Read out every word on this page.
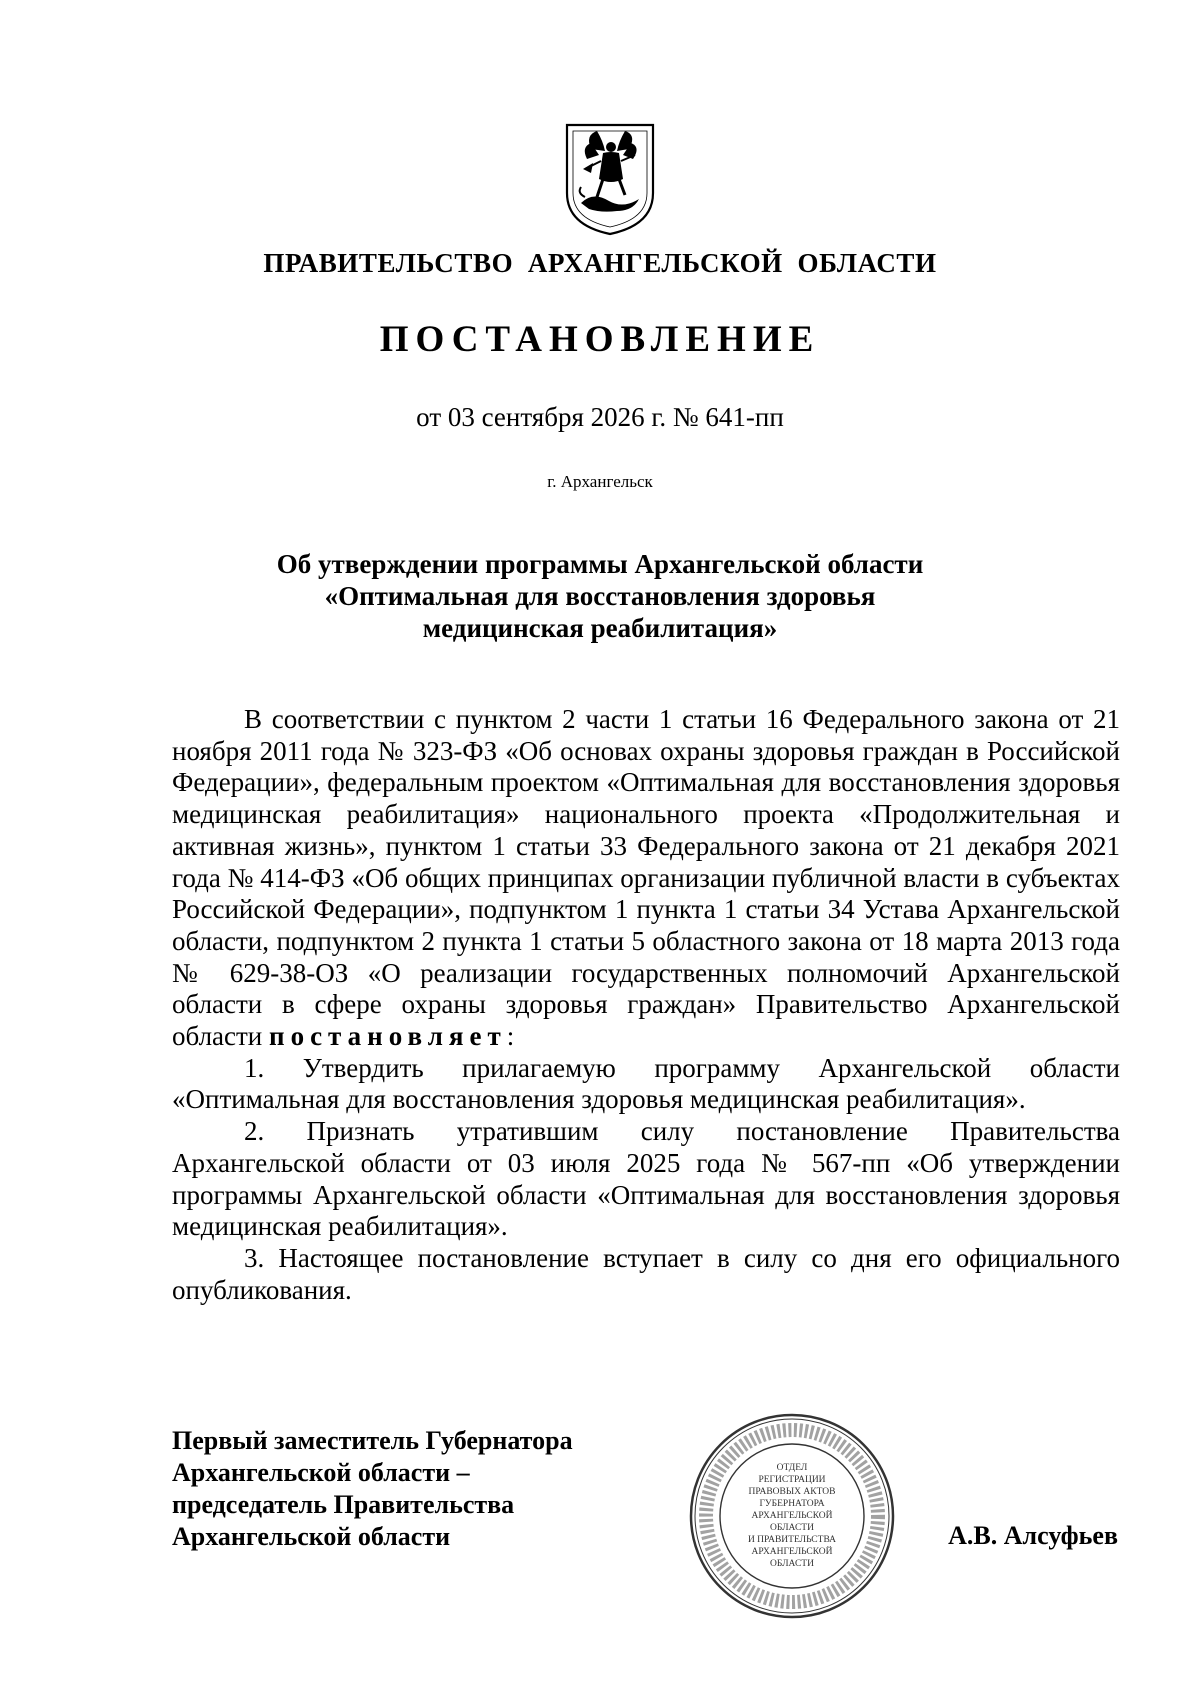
ПРАВИТЕЛЬСТВО  АРХАНГЕЛЬСКОЙ  ОБЛАСТИ
ПОСТАНОВЛЕНИЕ
от 03 сентября 2026 г. № 641-пп
г. Архангельск
Об утверждении программы Архангельской области
«Оптимальная для восстановления здоровья
медицинская реабилитация»

В соответствии с пунктом 2 части 1 статьи 16 Федерального закона от 21 ноября 2011 года № 323-ФЗ «Об основах охраны здоровья граждан в Российской Федерации», федеральным проектом «Оптимальная для восстановления здоровья медицинская реабилитация» национального проекта «Продолжительная и активная жизнь», пунктом 1 статьи 33 Федерального закона от 21 декабря 2021 года № 414-ФЗ «Об общих принципах организации публичной власти в субъектах Российской Федерации», подпунктом 1 пункта 1 статьи 34 Устава Архангельской области, подпунктом 2 пункта 1 статьи 5 областного закона от 18 марта 2013 года № 629-38-ОЗ «О реализации государственных полномочий Архангельской области в сфере охраны здоровья граждан» Правительство Архангельской области постановляет:

1. Утвердить прилагаемую программу Архангельской области «Оптимальная для восстановления здоровья медицинская реабилитация».

2. Признать утратившим силу постановление Правительства Архангельской области от 03 июля 2025 года № 567-пп «Об утверждении программы Архангельской области «Оптимальная для восстановления здоровья медицинская реабилитация».

3. Настоящее постановление вступает в силу со дня его официального опубликования.

Первый заместитель Губернатора
Архангельской области –
председатель Правительства
Архангельской области
ОТДЕЛ
РЕГИСТРАЦИИ
ПРАВОВЫХ АКТОВ
ГУБЕРНАТОРА
АРХАНГЕЛЬСКОЙ
ОБЛАСТИ
И ПРАВИТЕЛЬСТВА
АРХАНГЕЛЬСКОЙ
ОБЛАСТИ
А.В. Алсуфьев
